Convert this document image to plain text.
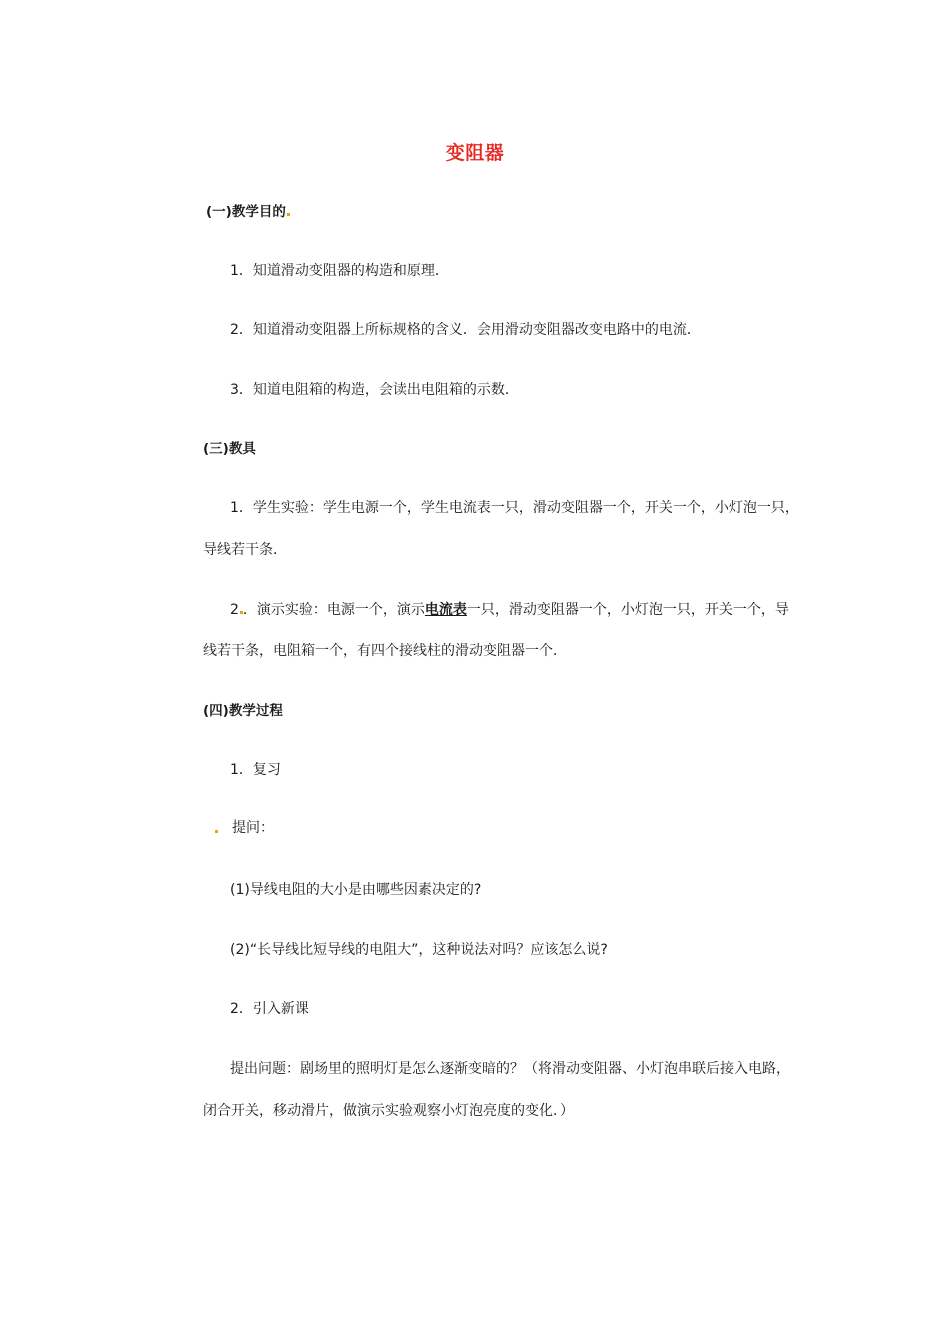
变阻器
(一)教学目的
1．知道滑动变阻器的构造和原理．
2．知道滑动变阻器上所标规格的含义．会用滑动变阻器改变电路中的电流．
3．知道电阻箱的构造，会读出电阻箱的示数．
(三)教具
1．学生实验：学生电源一个，学生电流表一只，滑动变阻器一个，开关一个，小灯泡一只，
导线若干条．
2 ．演示实验：电源一个，演示电流表一只，滑动变阻器一个，小灯泡一只，开关一个，导
线若干条，电阻箱一个，有四个接线柱的滑动变阻器一个．
(四)教学过程
1．复习
提问：
(1)导线电阻的大小是由哪些因素决定的?
(2)“长导线比短导线的电阻大”，这种说法对吗？应该怎么说?
2．引入新课
提出问题：剧场里的照明灯是怎么逐渐变暗的？（将滑动变阻器、小灯泡串联后接入电路，
闭合开关，移动滑片，做演示实验观察小灯泡亮度的变化．）
